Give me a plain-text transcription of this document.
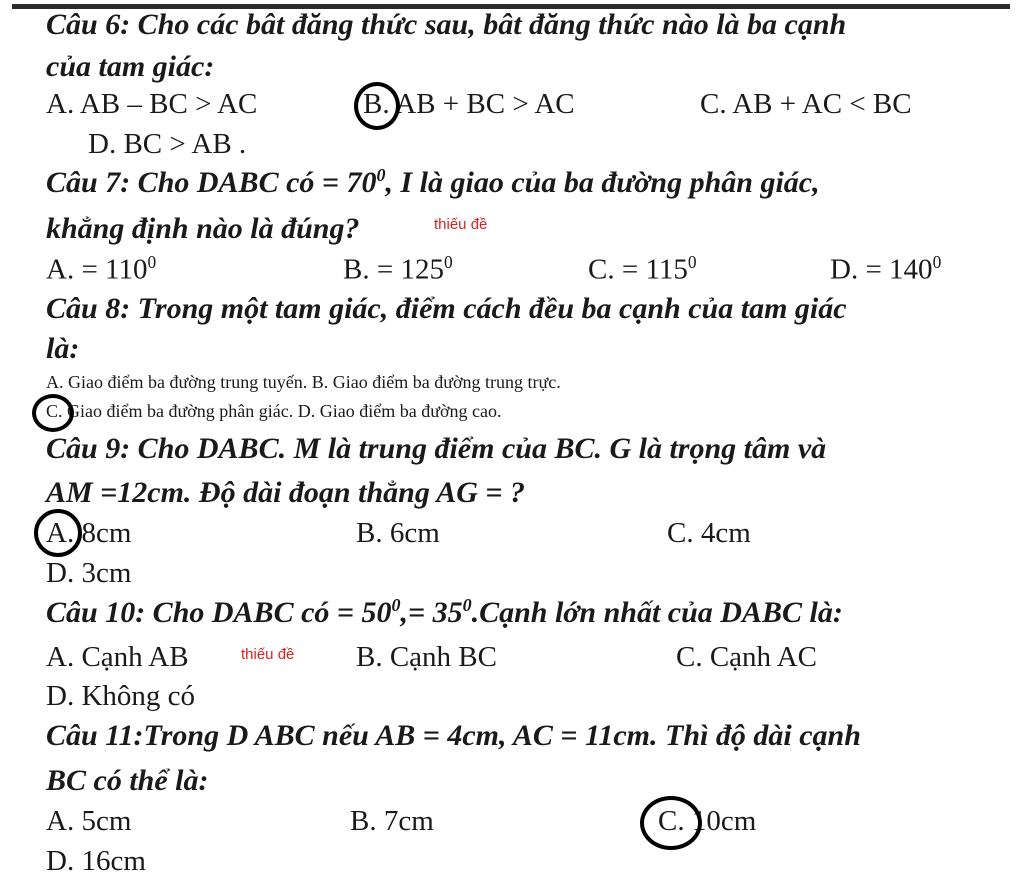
Câu 6: Cho các bât đăng thức sau, bât đăng thức nào là ba cạnh
của tam giác:
A. AB – BC > AC	B. AB + BC > AC	C. AB + AC < BC
D. BC > AB .
Câu 7: Cho DABC có = $70^0$, I là giao của ba đường phân giác,
khẳng định nào là đúng?	thiếu đề
A. = $110^0$	B. = $125^0$	C. = $115^0$	D. = $140^0$
Câu 8: Trong một tam giác, điểm cách đều ba cạnh của tam giác
là:
A. Giao điểm ba đường trung tuyến. B. Giao điểm ba đường trung trực.
C. Giao điểm ba đường phân giác. D. Giao điểm ba đường cao.
Câu 9: Cho DABC. M là trung điểm của BC. G là trọng tâm và
AM =12cm. Độ dài đoạn thẳng AG = ?
A. 8cm	B. 6cm	C. 4cm
D. 3cm
Câu 10: Cho DABC có = $50^0,=$ $35^0.Cạnh$ lớn nhất của DABC là:
A. Cạnh AB	thiếu đề B. Cạnh BC	C. Cạnh AC
D. Không có
Câu 11:Trong D ABC nếu AB = 4cm, AC = 11cm. Thì độ dài cạnh
BC có thể là:
A. 5cm	B. 7cm	C. 10cm
D. 16cm
